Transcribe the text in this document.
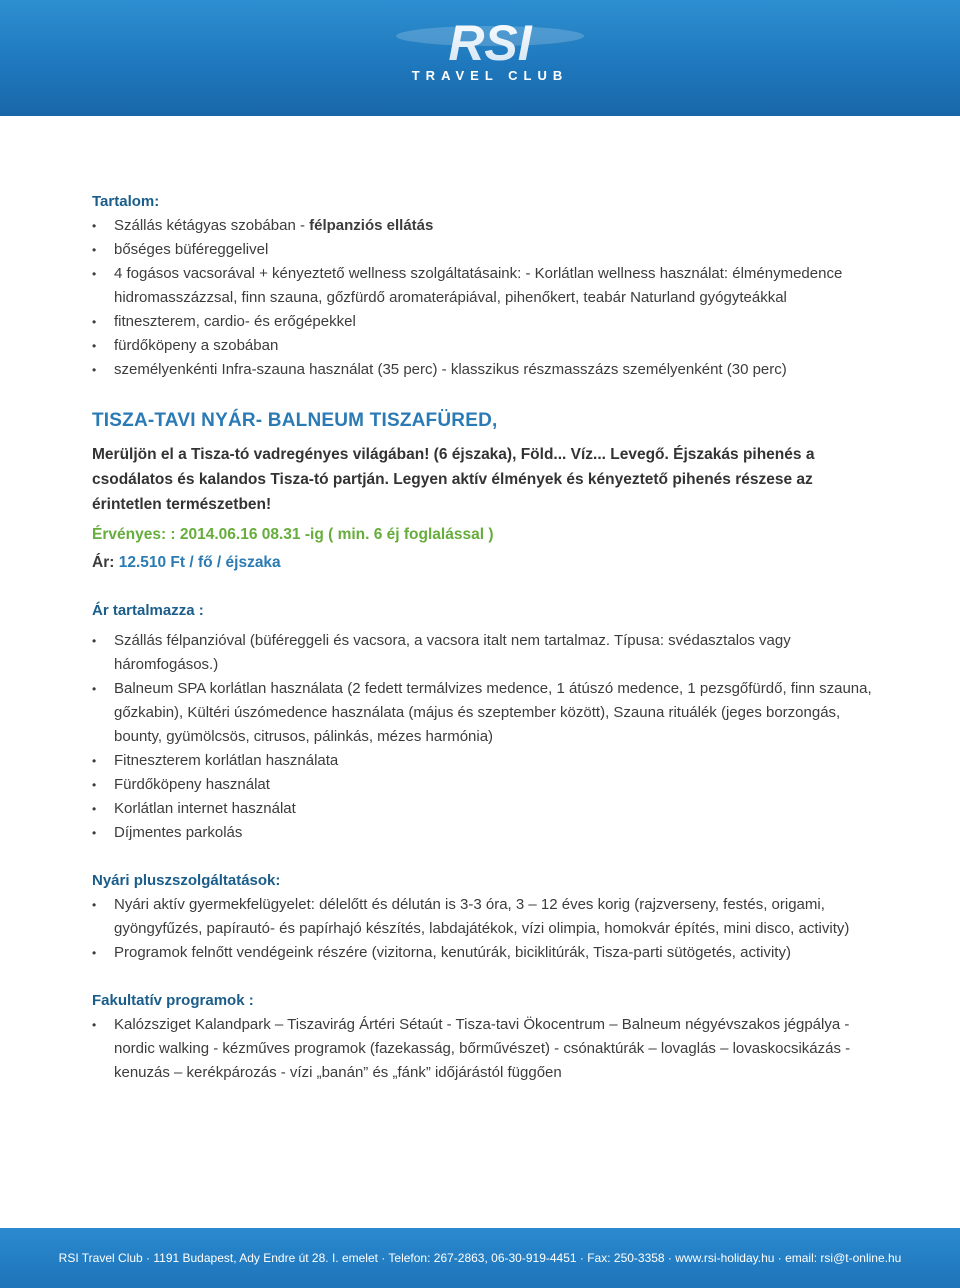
RSI
TRAVEL CLUB
Tartalom:
• Szállás kétágyas szobában - félpanziós ellátás
• bőséges büféreggelivel
• 4 fogásos vacsorával + kényeztető wellness szolgáltatásaink: - Korlátlan wellness használat: élménymedence hidromasszázzsal, finn szauna, gőzfürdő aromaterápiával, pihenőkert, teabár Naturland gyógyteákkal
• fitneszterem, cardio- és erőgépekkel
• fürdőköpeny a szobában
• személyenkénti Infra-szauna használat (35 perc) - klasszikus részmasszázs személyenként (30 perc)
TISZA-TAVI NYÁR- BALNEUM TISZAFÜRED,
Merüljön el a Tisza-tó vadregényes világában! (6 éjszaka), Föld... Víz... Levegő. Éjszakás pihenés a csodálatos és kalandos Tisza-tó partján. Legyen aktív élmények és kényeztető pihenés részese az érintetlen természetben!
Érvényes: : 2014.06.16 08.31 -ig ( min. 6 éj foglalással )
Ár: 12.510 Ft / fő / éjszaka
Ár tartalmazza :
• Szállás félpanzióval (büféreggeli és vacsora, a vacsora italt nem tartalmaz. Típusa: svédasztalos vagy háromfogásos.)
• Balneum SPA korlátlan használata (2 fedett termálvizes medence, 1 átúszó medence, 1 pezsgőfürdő, finn szauna, gőzkabin), Kültéri úszómedence használata (május és szeptember között), Szauna rituálék (jeges borzongás, bounty, gyümölcsös, citrusos, pálinkás, mézes harmónia)
• Fitneszterem korlátlan használata
• Fürdőköpeny használat
• Korlátlan internet használat
• Díjmentes parkolás
Nyári pluszszolgáltatások:
• Nyári aktív gyermekfelügyelet: délelőtt és délután is 3-3 óra, 3 – 12 éves korig (rajzverseny, festés, origami, gyöngyfűzés, papírautó- és papírhajó készítés, labdajátékok, vízi olimpia, homokvár építés, mini disco, activity)
• Programok felnőtt vendégeink részére (vizitorna, kenutúrák, biciklitúrák, Tisza-parti sütögetés, activity)
Fakultatív programok :
• Kalózsziget Kalandpark – Tiszavirág Ártéri Sétaút - Tisza-tavi Ökocentrum – Balneum négyévszakos jégpálya - nordic walking - kézműves programok (fazekasság, bőrművészet) - csónaktúrák – lovaglás – lovaskocsikázás - kenuzás – kerékpározás - vízi „banán” és „fánk” időjárástól függően
RSI Travel Club · 1191 Budapest, Ady Endre út 28. I. emelet · Telefon: 267-2863, 06-30-919-4451 · Fax: 250-3358 · www.rsi-holiday.hu · email: rsi@t-online.hu
